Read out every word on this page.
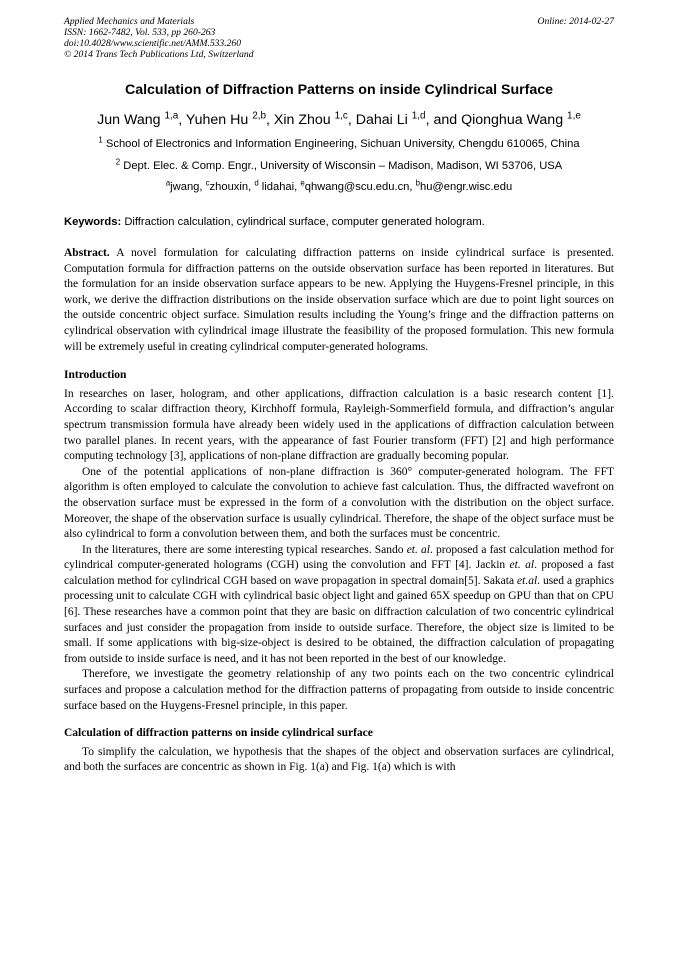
Applied Mechanics and Materials
ISSN: 1662-7482, Vol. 533, pp 260-263
doi:10.4028/www.scientific.net/AMM.533.260
© 2014 Trans Tech Publications Ltd, Switzerland
Online: 2014-02-27
Calculation of Diffraction Patterns on inside Cylindrical Surface
Jun Wang $^{1,a}$, Yuhen Hu $^{2,b}$, Xin Zhou $^{1,c}$, Dahai Li $^{1,d}$, and Qionghua Wang $^{1,e}$
$^1$ School of Electronics and Information Engineering, Sichuan University, Chengdu 610065, China
$^2$ Dept. Elec. & Comp. Engr., University of Wisconsin – Madison, Madison, WI 53706, USA
$^a$jwang, $^c$zhouxin, $^d$ lidahai, $^e$qhwang@scu.edu.cn, $^b$hu@engr.wisc.edu
Keywords: Diffraction calculation, cylindrical surface, computer generated hologram.

Abstract. A novel formulation for calculating diffraction patterns on inside cylindrical surface is presented. Computation formula for diffraction patterns on the outside observation surface has been reported in literatures. But the formulation for an inside observation surface appears to be new. Applying the Huygens-Fresnel principle, in this work, we derive the diffraction distributions on the inside observation surface which are due to point light sources on the outside concentric object surface. Simulation results including the Young’s fringe and the diffraction patterns on cylindrical observation with cylindrical image illustrate the feasibility of the proposed formulation. This new formula will be extremely useful in creating cylindrical computer-generated holograms.

Introduction

In researches on laser, hologram, and other applications, diffraction calculation is a basic research content [1]. According to scalar diffraction theory, Kirchhoff formula, Rayleigh-Sommerfield formula, and diffraction’s angular spectrum transmission formula have already been widely used in the applications of diffraction calculation between two parallel planes. In recent years, with the appearance of fast Fourier transform (FFT) [2] and high performance computing technology [3], applications of non-plane diffraction are gradually becoming popular.

One of the potential applications of non-plane diffraction is 360° computer-generated hologram. The FFT algorithm is often employed to calculate the convolution to achieve fast calculation. Thus, the diffracted wavefront on the observation surface must be expressed in the form of a convolution with the distribution on the object surface. Moreover, the shape of the observation surface is usually cylindrical. Therefore, the shape of the object surface must be also cylindrical to form a convolution between them, and both the surfaces must be concentric.

In the literatures, there are some interesting typical researches. Sando et. al. proposed a fast calculation method for cylindrical computer-generated holograms (CGH) using the convolution and FFT [4]. Jackin et. al. proposed a fast calculation method for cylindrical CGH based on wave propagation in spectral domain[5]. Sakata et.al. used a graphics processing unit to calculate CGH with cylindrical basic object light and gained 65X speedup on GPU than that on CPU [6]. These researches have a common point that they are basic on diffraction calculation of two concentric cylindrical surfaces and just consider the propagation from inside to outside surface. Therefore, the object size is limited to be small. If some applications with big-size-object is desired to be obtained, the diffraction calculation of propagating from outside to inside surface is need, and it has not been reported in the best of our knowledge.

Therefore, we investigate the geometry relationship of any two points each on the two concentric cylindrical surfaces and propose a calculation method for the diffraction patterns of propagating from outside to inside concentric surface based on the Huygens-Fresnel principle, in this paper.

Calculation of diffraction patterns on inside cylindrical surface

To simplify the calculation, we hypothesis that the shapes of the object and observation surfaces are cylindrical, and both the surfaces are concentric as shown in Fig. 1(a) and Fig. 1(a) which is with
